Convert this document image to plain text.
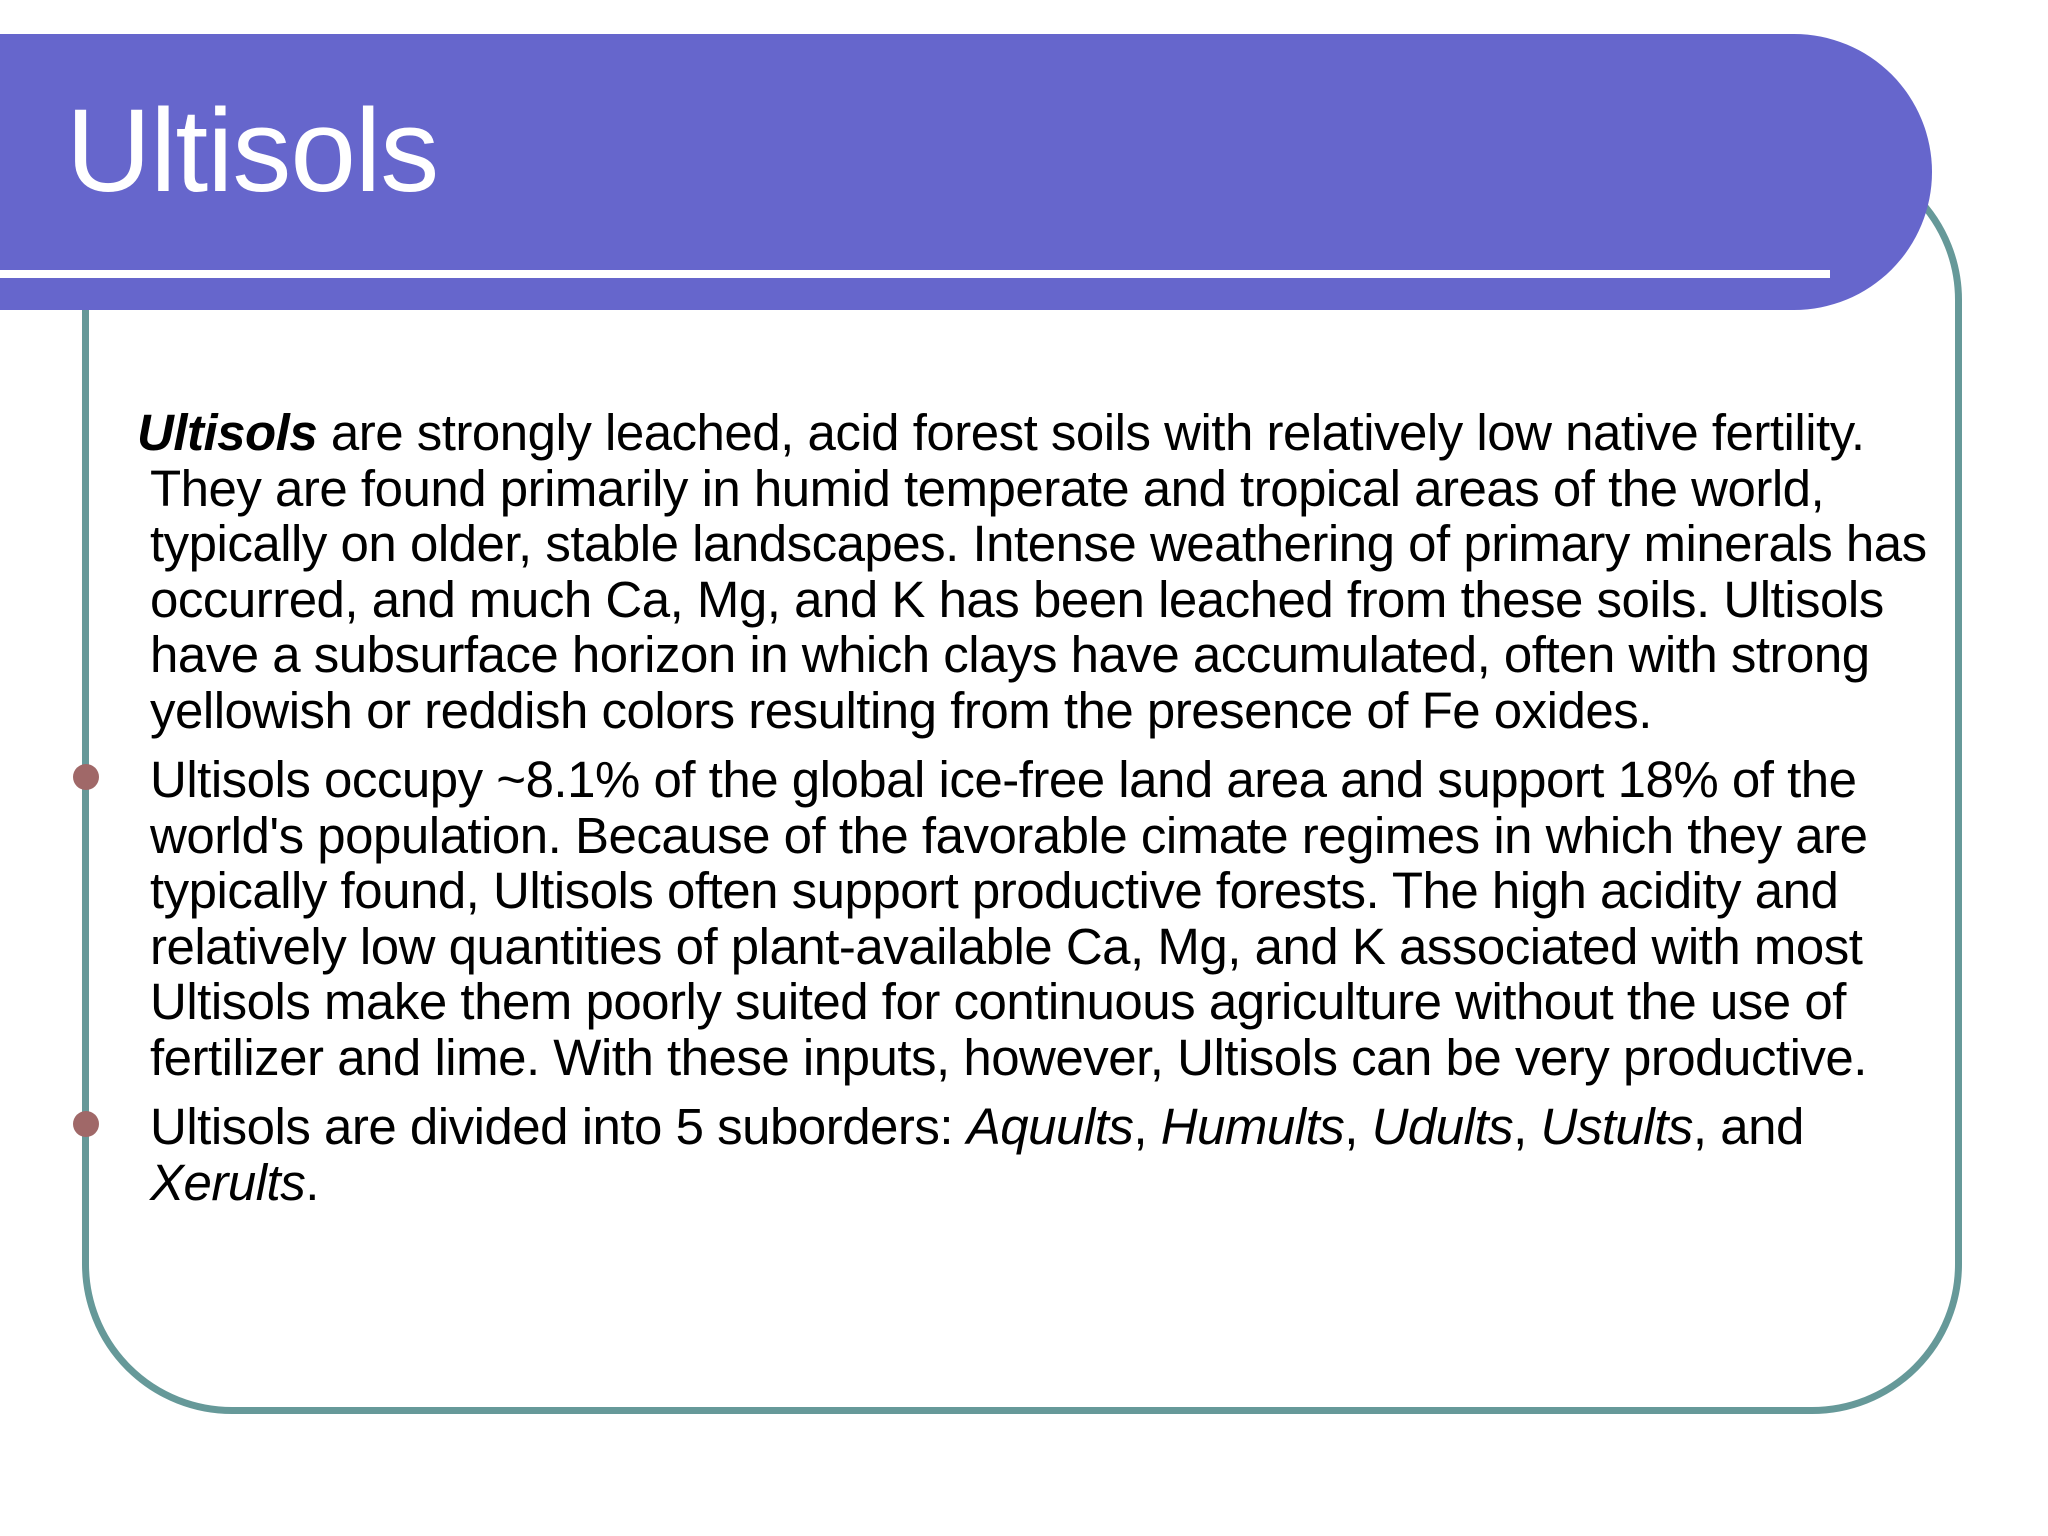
Ultisols

Ultisols are strongly leached, acid forest soils with relatively low native fertility. They are found primarily in humid temperate and tropical areas of the world, typically on older, stable landscapes. Intense weathering of primary minerals has occurred, and much Ca, Mg, and K has been leached from these soils. Ultisols have a subsurface horizon in which clays have accumulated, often with strong yellowish or reddish colors resulting from the presence of Fe oxides.

Ultisols occupy ~8.1% of the global ice-free land area and support 18% of the world's population. Because of the favorable cimate regimes in which they are typically found, Ultisols often support productive forests. The high acidity and relatively low quantities of plant-available Ca, Mg, and K associated with most Ultisols make them poorly suited for continuous agriculture without the use of fertilizer and lime. With these inputs, however, Ultisols can be very productive.

Ultisols are divided into 5 suborders: Aquults, Humults, Udults, Ustults, and Xerults.
